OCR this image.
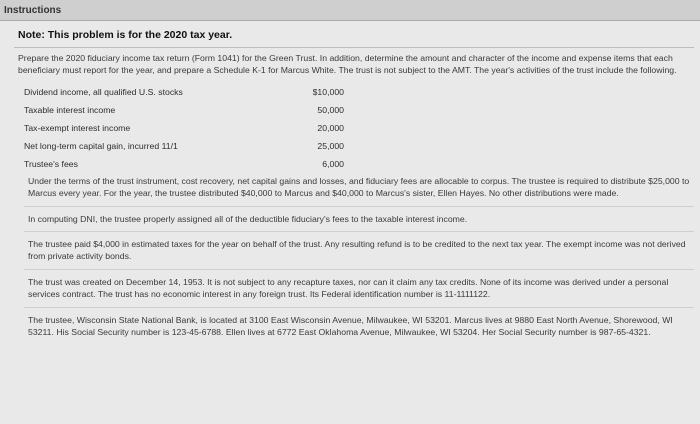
Instructions
Note: This problem is for the 2020 tax year.
Prepare the 2020 fiduciary income tax return (Form 1041) for the Green Trust. In addition, determine the amount and character of the income and expense items that each beneficiary must report for the year, and prepare a Schedule K-1 for Marcus White. The trust is not subject to the AMT. The year's activities of the trust include the following.
Dividend income, all qualified U.S. stocks	$10,000
Taxable interest income	50,000
Tax-exempt interest income	20,000
Net long-term capital gain, incurred 11/1	25,000
Trustee's fees	6,000
Under the terms of the trust instrument, cost recovery, net capital gains and losses, and fiduciary fees are allocable to corpus. The trustee is required to distribute $25,000 to Marcus every year. For the year, the trustee distributed $40,000 to Marcus and $40,000 to Marcus's sister, Ellen Hayes. No other distributions were made.
In computing DNI, the trustee properly assigned all of the deductible fiduciary's fees to the taxable interest income.
The trustee paid $4,000 in estimated taxes for the year on behalf of the trust. Any resulting refund is to be credited to the next tax year. The exempt income was not derived from private activity bonds.
The trust was created on December 14, 1953. It is not subject to any recapture taxes, nor can it claim any tax credits. None of its income was derived under a personal services contract. The trust has no economic interest in any foreign trust. Its Federal identification number is 11-1111122.
The trustee, Wisconsin State National Bank, is located at 3100 East Wisconsin Avenue, Milwaukee, WI 53201. Marcus lives at 9880 East North Avenue, Shorewood, WI 53211. His Social Security number is 123-45-6788. Ellen lives at 6772 East Oklahoma Avenue, Milwaukee, WI 53204. Her Social Security number is 987-65-4321.
